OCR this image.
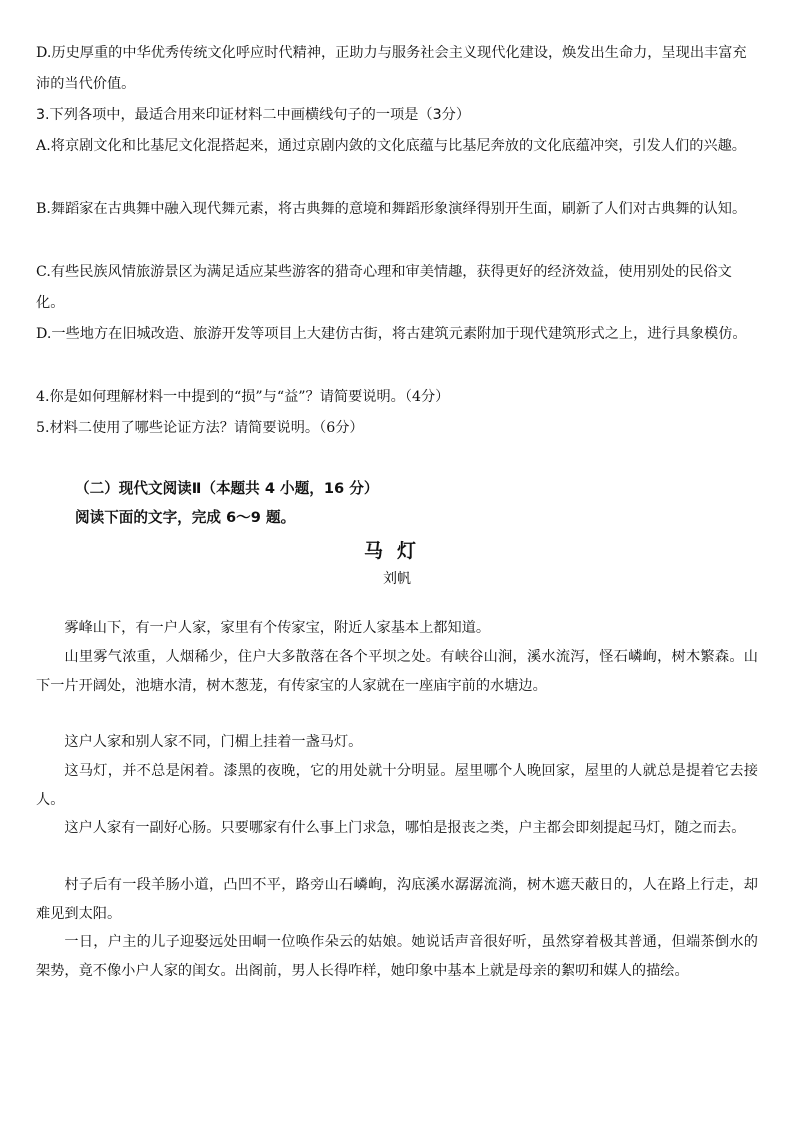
D.历史厚重的中华优秀传统文化呼应时代精神，正助力与服务社会主义现代化建设，焕发出生命力，呈现出丰富充沛的当代价值。
3.下列各项中，最适合用来印证材料二中画横线句子的一项是（3分）
A.将京剧文化和比基尼文化混搭起来，通过京剧内敛的文化底蕴与比基尼奔放的文化底蕴冲突，引发人们的兴趣。
B.舞蹈家在古典舞中融入现代舞元素，将古典舞的意境和舞蹈形象演绎得别开生面，刷新了人们对古典舞的认知。
C.有些民族风情旅游景区为满足适应某些游客的猎奇心理和审美情趣，获得更好的经济效益，使用别处的民俗文化。
D.一些地方在旧城改造、旅游开发等项目上大建仿古街，将古建筑元素附加于现代建筑形式之上，进行具象模仿。
4.你是如何理解材料一中提到的“损”与“益”？请简要说明。（4分）
5.材料二使用了哪些论证方法？请简要说明。（6分）
（二）现代文阅读Ⅱ（本题共 4 小题，16 分）
阅读下面的文字，完成 6～9 题。
马灯
刘帆
雾峰山下，有一户人家，家里有个传家宝，附近人家基本上都知道。
山里雾气浓重，人烟稀少，住户大多散落在各个平坝之处。有峡谷山涧，溪水流泻，怪石嶙峋，树木繁森。山下一片开阔处，池塘水清，树木葱茏，有传家宝的人家就在一座庙宇前的水塘边。
这户人家和别人家不同，门楣上挂着一盏马灯。
这马灯，并不总是闲着。漆黑的夜晚，它的用处就十分明显。屋里哪个人晚回家，屋里的人就总是提着它去接人。
这户人家有一副好心肠。只要哪家有什么事上门求急，哪怕是报丧之类，户主都会即刻提起马灯，随之而去。
村子后有一段羊肠小道，凸凹不平，路旁山石嶙峋，沟底溪水潺潺流淌，树木遮天蔽日的，人在路上行走，却难见到太阳。
一日，户主的儿子迎娶远处田峒一位唤作朵云的姑娘。她说话声音很好听，虽然穿着极其普通，但端茶倒水的架势，竟不像小户人家的闺女。出阁前，男人长得咋样，她印象中基本上就是母亲的絮叨和媒人的描绘。
